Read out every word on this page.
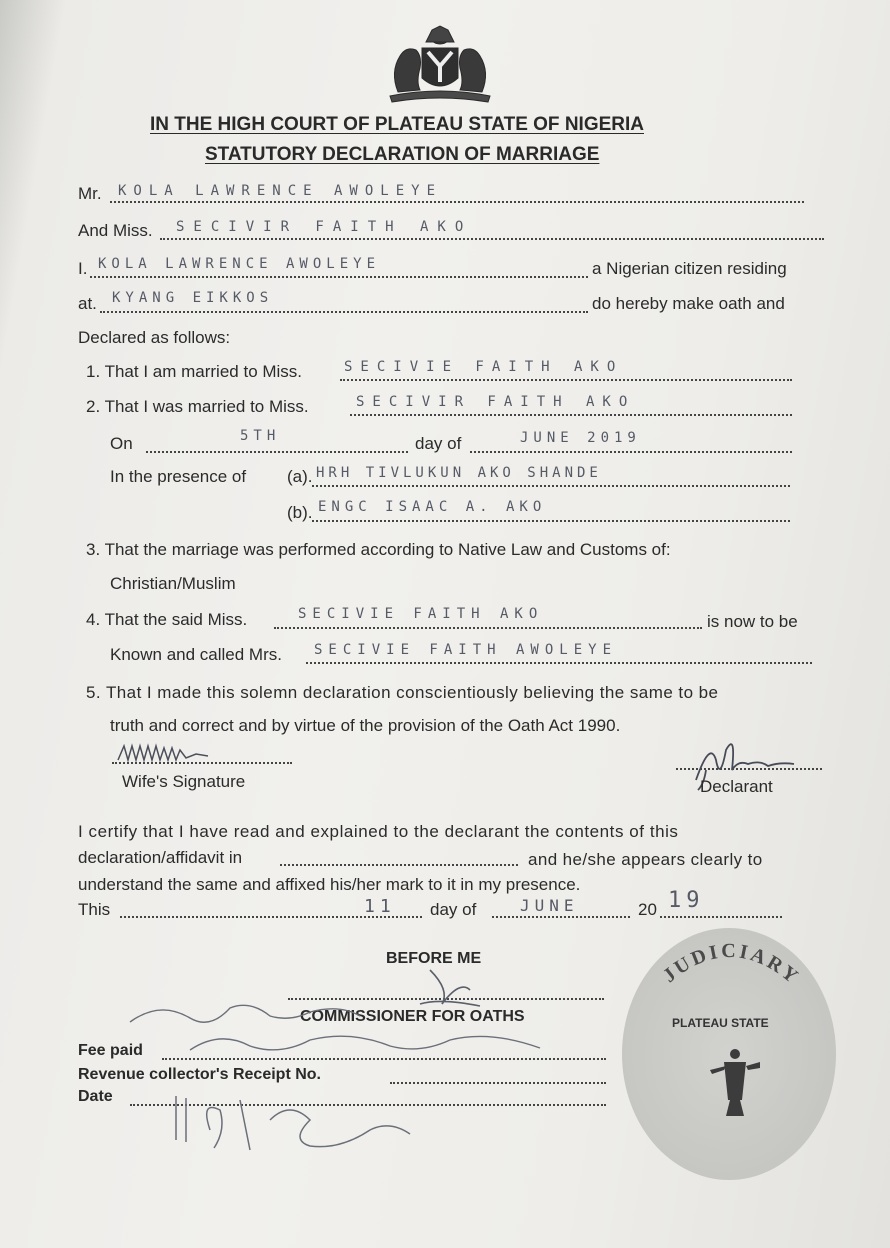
IN THE HIGH COURT OF PLATEAU STATE OF NIGERIA
STATUTORY DECLARATION OF MARRIAGE
Mr. KOLA LAWRENCE AWOLEYE
And Miss. SECIVIR FAITH AKO
I. KOLA LAWRENCE AWOLEYE	a Nigerian citizen residing
at. KYANG EIKKOS	do hereby make oath and
Declared as follows:
1. That I am married to Miss.	SECIVIE FAITH AKO
2. That I was married to Miss.	SECIVIR FAITH AKO
On	5TH	day of	JUNE 2019
In the presence of (a). HRH TIVLUKUN AKO SHANDE
(b). ENGC ISAAC A. AKO
3. That the marriage was performed according to Native Law and Customs of:
Christian/Muslim
4. That the said Miss.	SECIVIE FAITH AKO	is now to be
Known and called Mrs. SECIVIE FAITH AWOLEYE
5. That I made this solemn declaration conscientiously believing the same to be
truth and correct and by virtue of the provision of the Oath Act 1990.
Wife's Signature	Declarant
I certify that I have read and explained to the declarant the contents of this
declaration/affidavit in	and he/she appears clearly to
understand the same and affixed his/her mark to it in my presence.
This	11 day of	JUNE	20 19
JUDICIARY
PLATEAU STATE
BEFORE ME
COMMISSIONER FOR OATHS
Fee paid
Revenue collector's Receipt No.
Date
